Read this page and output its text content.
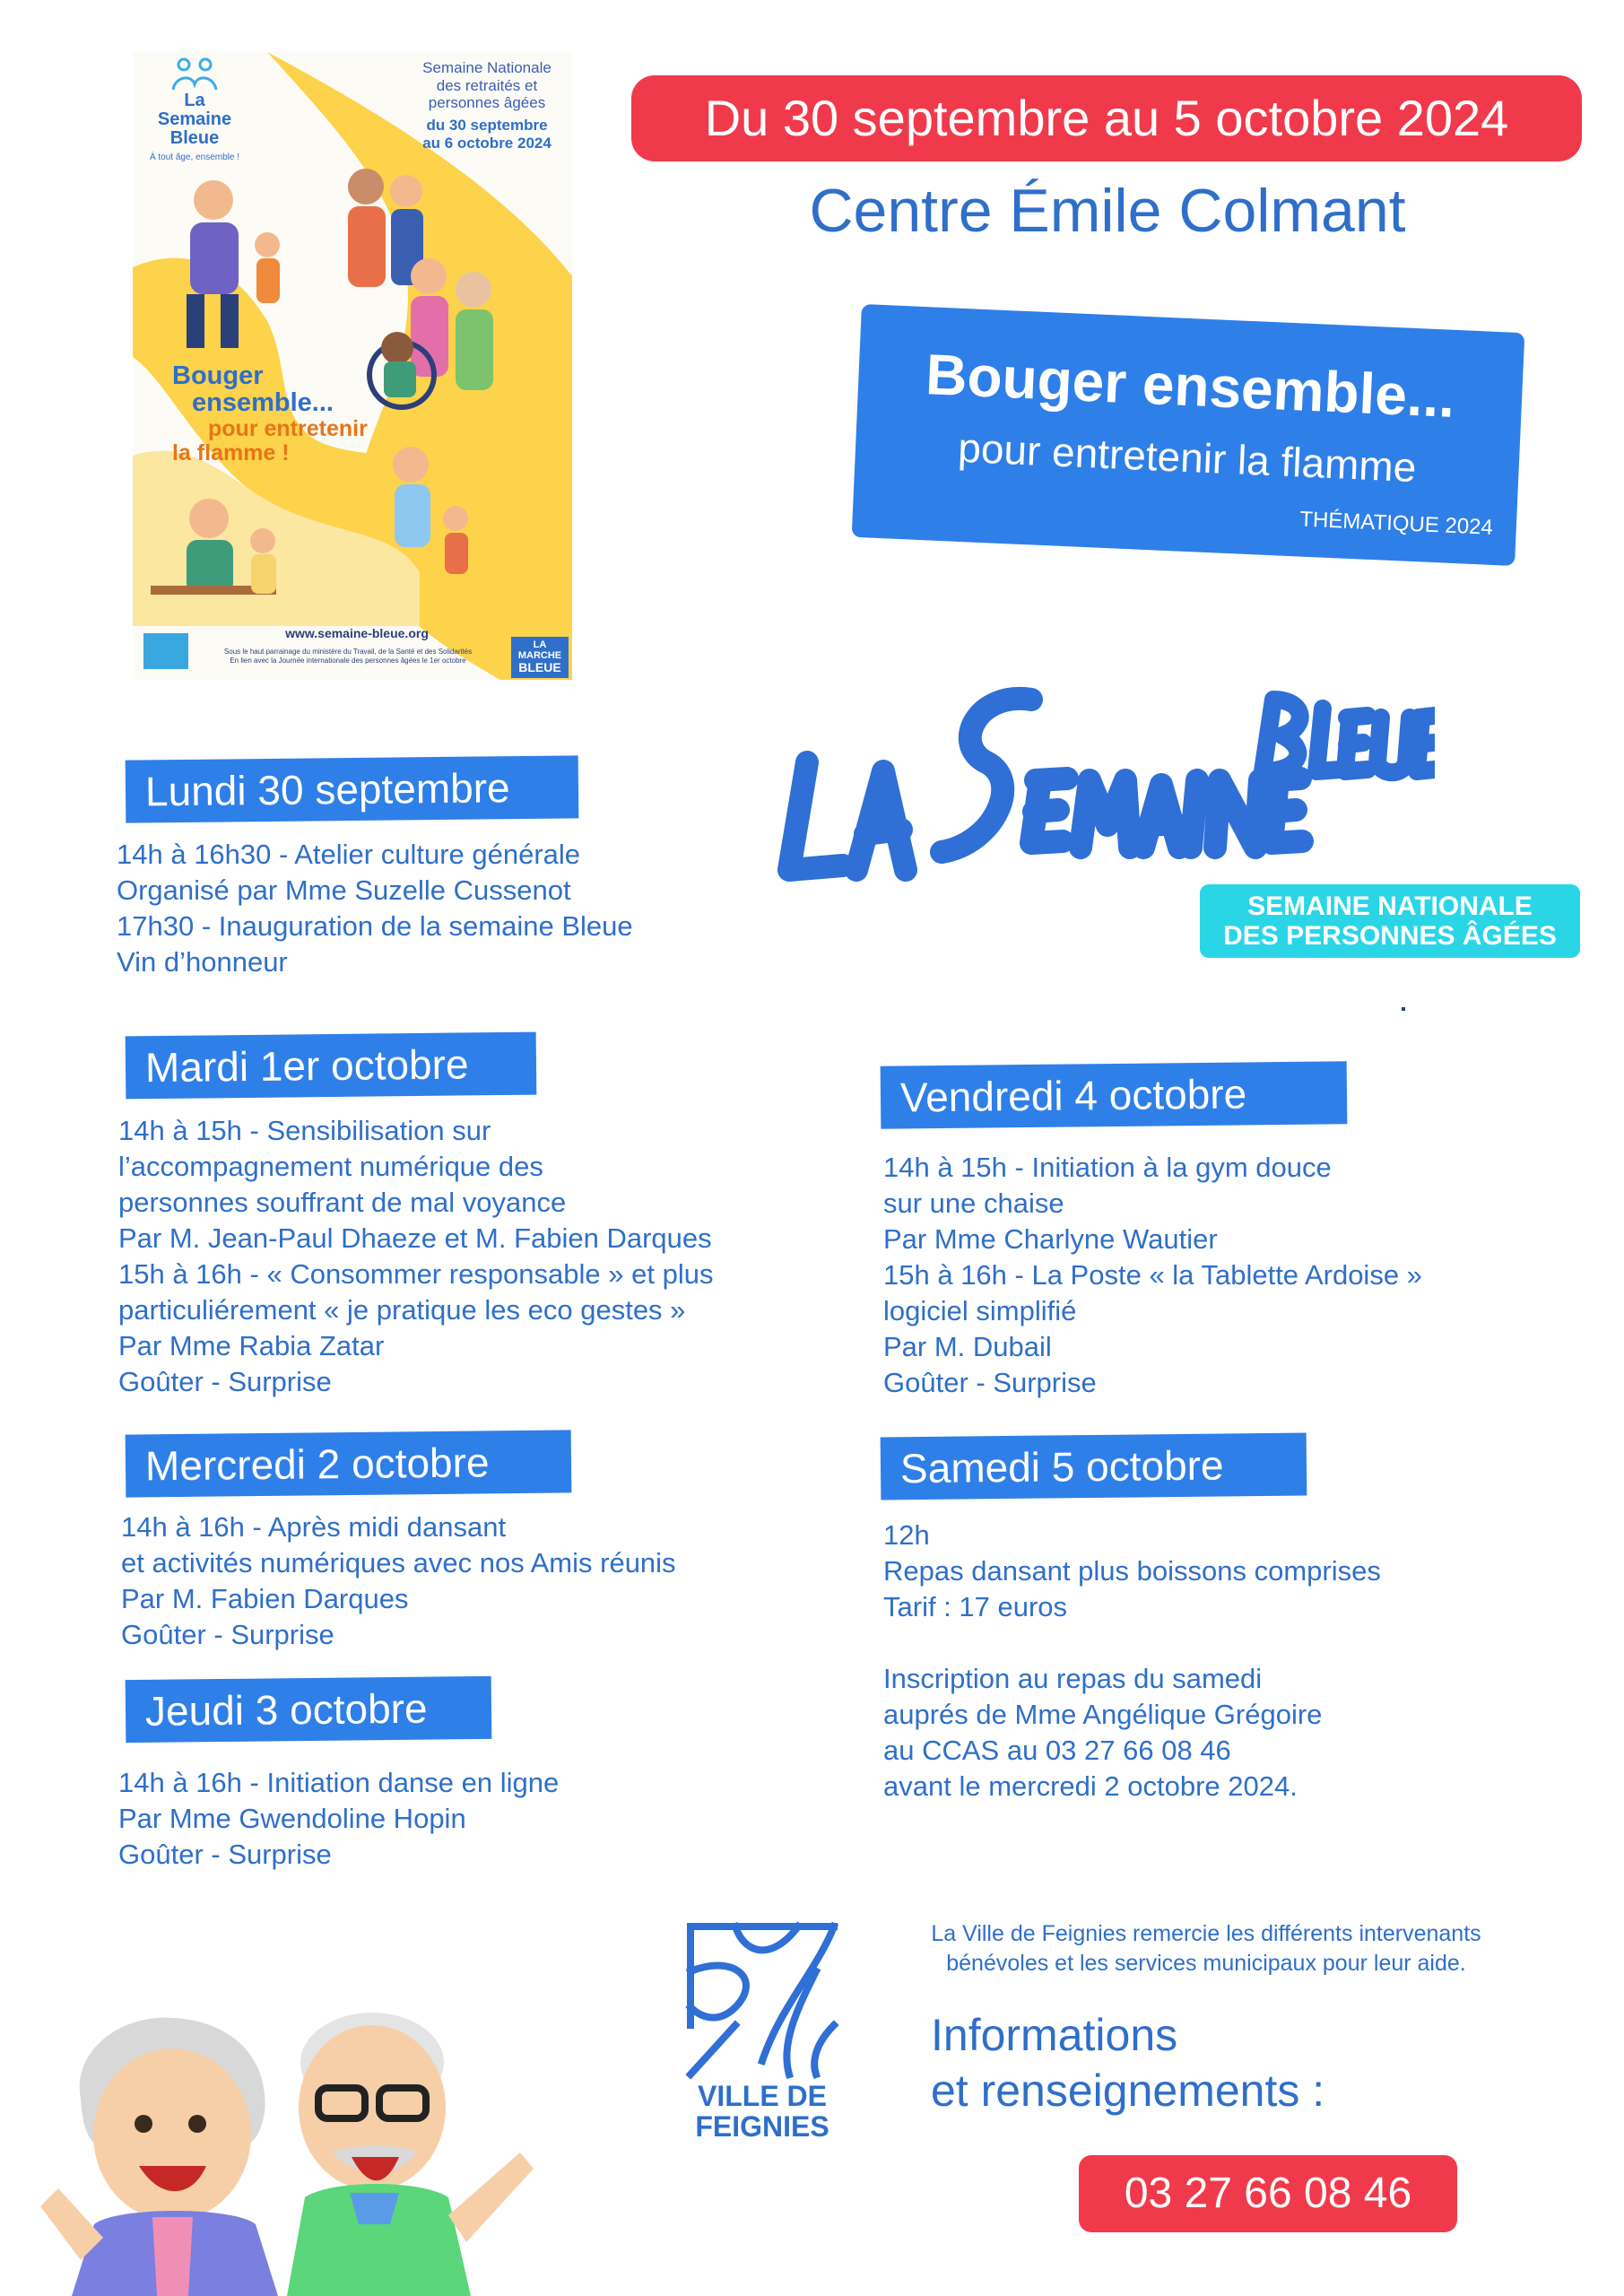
La
Semaine
Bleue
À tout âge, ensemble !
Semaine Nationale
des retraités et
personnes âgées
du 30 septembre
au 6 octobre 2024
Bouger
ensemble...
pour entretenir
la flamme !
www.semaine-bleue.org
Sous le haut parrainage du ministère du Travail, de la Santé et des Solidarités
En lien avec la Journée internationale des personnes âgées le 1er octobre
LA MARCHE
BLEUE
Du 30 septembre au 5 octobre 2024
Centre Émile Colmant
Bouger ensemble...
pour entretenir la flamme
THÉMATIQUE 2024
SEMAINE NATIONALE
DES PERSONNES ÂGÉES
Lundi 30 septembre
14h à 16h30 - Atelier culture générale
Organisé par Mme Suzelle Cussenot
17h30 - Inauguration de la semaine Bleue
Vin d’honneur
Mardi 1er octobre
14h à 15h - Sensibilisation sur
l’accompagnement numérique des
personnes souffrant de mal voyance
Par M. Jean-Paul Dhaeze et M. Fabien Darques
15h à 16h - « Consommer responsable » et plus
particuliérement « je pratique les eco gestes »
Par Mme Rabia Zatar
Goûter - Surprise
Mercredi 2 octobre
14h à 16h - Après midi dansant
et activités numériques avec nos Amis réunis
Par M. Fabien Darques
Goûter - Surprise
Jeudi 3 octobre
14h à 16h - Initiation danse en ligne
Par Mme Gwendoline Hopin
Goûter - Surprise
Vendredi 4 octobre
14h à 15h - Initiation à la gym douce
sur une chaise
Par Mme Charlyne Wautier
15h à 16h - La Poste « la Tablette Ardoise »
logiciel simplifié
Par M. Dubail
Goûter - Surprise
Samedi 5 octobre
12h
Repas dansant plus boissons comprises
Tarif : 17 euros
Inscription au repas du samedi
auprés de Mme Angélique Grégoire
au CCAS au 03 27 66 08 46
avant le mercredi 2 octobre 2024.
VILLE DE
FEIGNIES
La Ville de Feignies remercie les différents intervenants
bénévoles et les services municipaux pour leur aide.
Informations
et renseignements :
03 27 66 08 46
